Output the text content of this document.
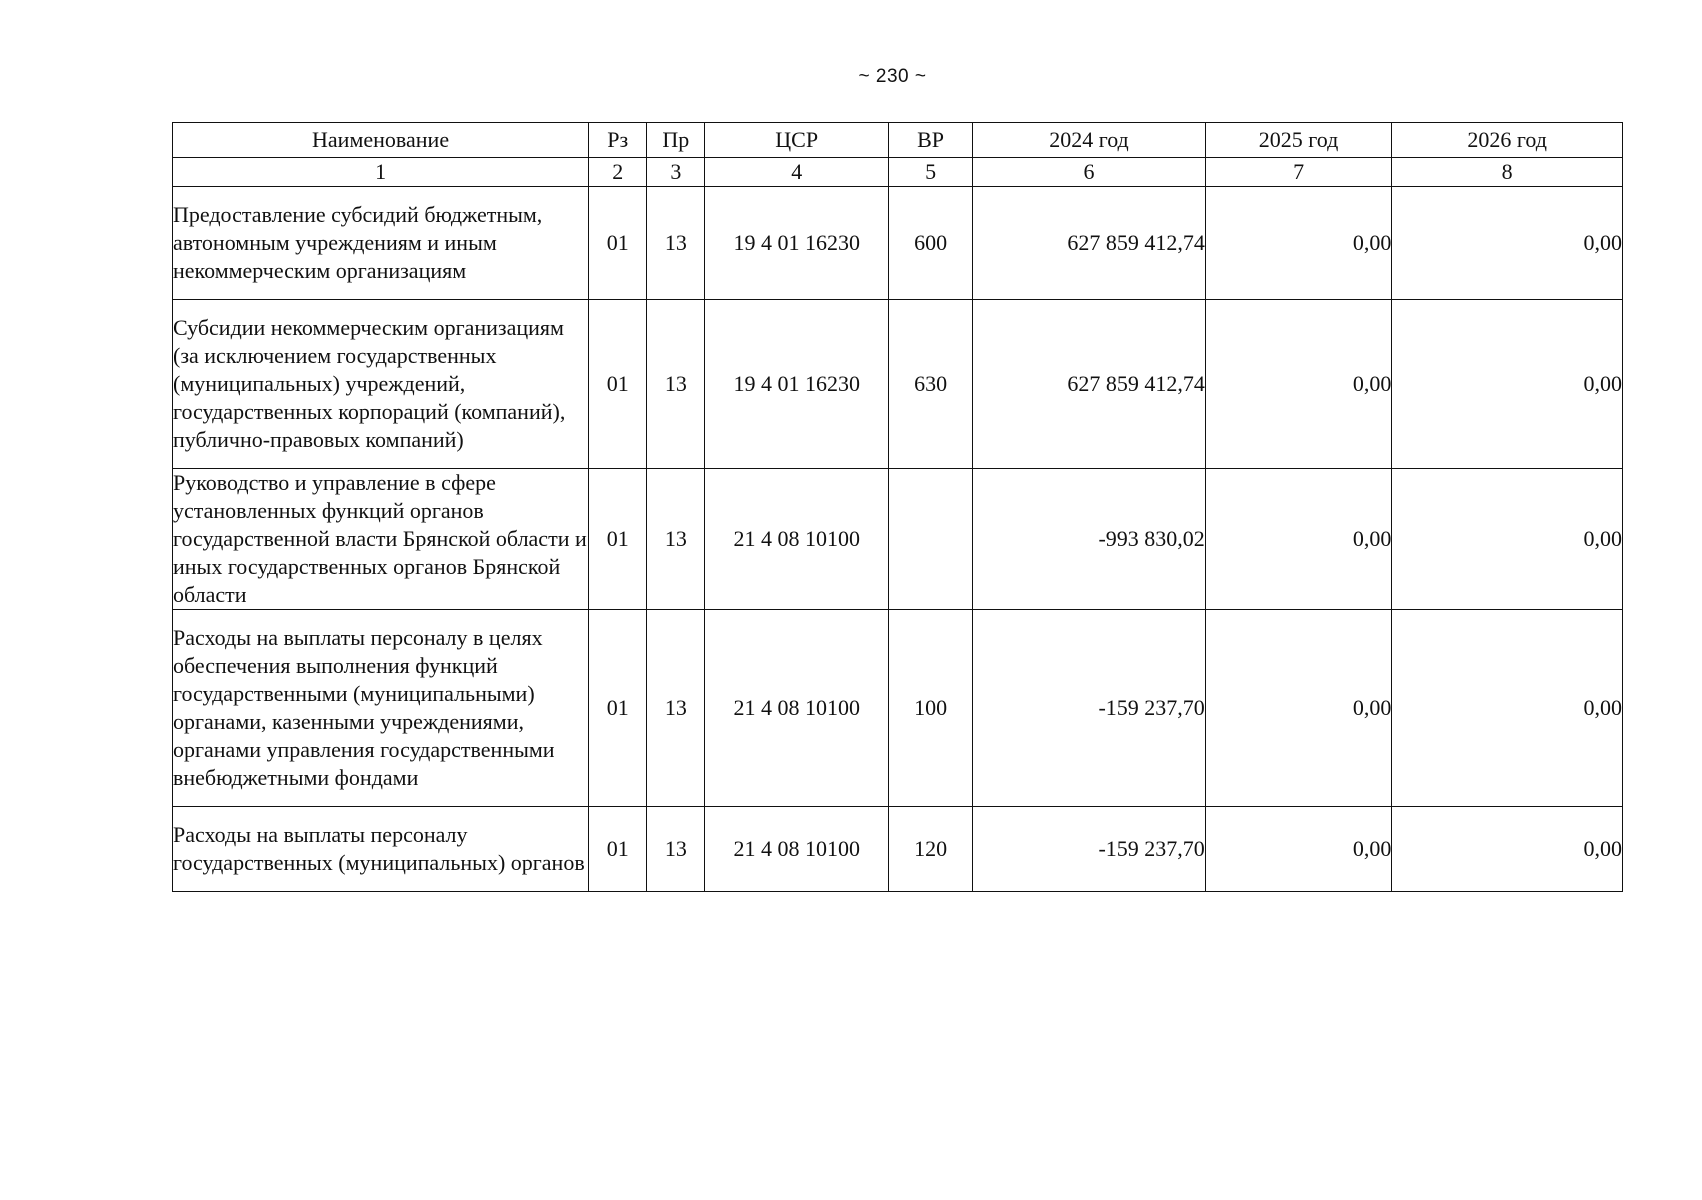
~ 230 ~
Наименование	Рз	Пр	ЦСР	ВР	2024 год	2025 год	2026 год
1	2	3	4	5	6	7	8
Предоставление субсидий бюджетным, автономным учреждениям и иным некоммерческим организациям	01	13	19 4 01 16230	600	627 859 412,74	0,00	0,00
Субсидии некоммерческим организациям (за исключением государственных (муниципальных) учреждений, государственных корпораций (компаний), публично-правовых компаний)	01	13	19 4 01 16230	630	627 859 412,74	0,00	0,00
Руководство и управление в сфере установленных функций органов государственной власти Брянской области и иных государственных органов Брянской области	01	13	21 4 08 10100		-993 830,02	0,00	0,00
Расходы на выплаты персоналу в целях обеспечения выполнения функций государственными (муниципальными) органами, казенными учреждениями, органами управления государственными внебюджетными фондами	01	13	21 4 08 10100	100	-159 237,70	0,00	0,00
Расходы на выплаты персоналу государственных (муниципальных) органов	01	13	21 4 08 10100	120	-159 237,70	0,00	0,00
